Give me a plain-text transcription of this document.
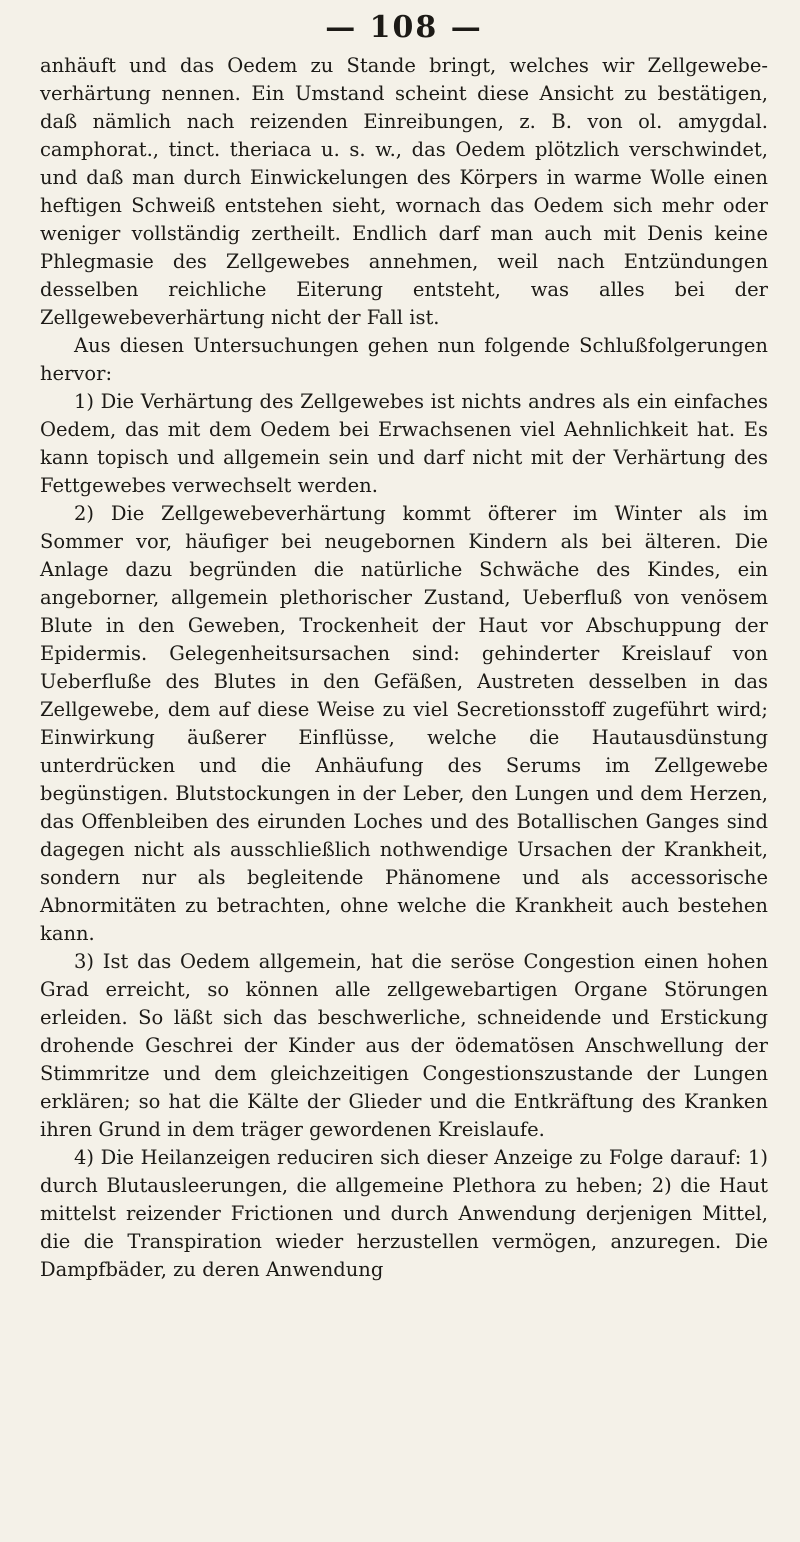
— 108 —

anhäuft und das Oedem zu Stande bringt, welches wir Zellgewebe-verhärtung nennen. Ein Umstand scheint diese Ansicht zu bestätigen, daß nämlich nach reizenden Einreibungen, z. B. von ol. amygdal. camphorat., tinct. theriaca u. s. w., das Oedem plötzlich verschwindet, und daß man durch Einwickelungen des Körpers in warme Wolle einen heftigen Schweiß entstehen sieht, wornach das Oedem sich mehr oder weniger vollständig zertheilt. Endlich darf man auch mit Denis keine Phlegmasie des Zellgewebes annehmen, weil nach Entzündungen desselben reichliche Eiterung entsteht, was alles bei der Zellgewebeverhärtung nicht der Fall ist.

Aus diesen Untersuchungen gehen nun folgende Schlußfolgerungen hervor:

1) Die Verhärtung des Zellgewebes ist nichts andres als ein einfaches Oedem, das mit dem Oedem bei Erwachsenen viel Aehnlichkeit hat. Es kann topisch und allgemein sein und darf nicht mit der Verhärtung des Fettgewebes verwechselt werden.

2) Die Zellgewebeverhärtung kommt öfterer im Winter als im Sommer vor, häufiger bei neugebornen Kindern als bei älteren. Die Anlage dazu begründen die natürliche Schwäche des Kindes, ein angeborner, allgemein plethorischer Zustand, Ueberfluß von venösem Blute in den Geweben, Trockenheit der Haut vor Abschuppung der Epidermis. Gelegenheitsursachen sind: gehinderter Kreislauf von Ueberfluße des Blutes in den Gefäßen, Austreten desselben in das Zellgewebe, dem auf diese Weise zu viel Secretionsstoff zugeführt wird; Einwirkung äußerer Einflüsse, welche die Hautausdünstung unterdrücken und die Anhäufung des Serums im Zellgewebe begünstigen. Blutstockungen in der Leber, den Lungen und dem Herzen, das Offenbleiben des eirunden Loches und des Botallischen Ganges sind dagegen nicht als ausschließlich nothwendige Ursachen der Krankheit, sondern nur als begleitende Phänomene und als accessorische Abnormitäten zu betrachten, ohne welche die Krankheit auch bestehen kann.

3) Ist das Oedem allgemein, hat die seröse Congestion einen hohen Grad erreicht, so können alle zellgewebartigen Organe Störungen erleiden. So läßt sich das beschwerliche, schneidende und Erstickung drohende Geschrei der Kinder aus der ödematösen Anschwellung der Stimmritze und dem gleichzeitigen Congestionszustande der Lungen erklären; so hat die Kälte der Glieder und die Entkräftung des Kranken ihren Grund in dem träger gewordenen Kreislaufe.

4) Die Heilanzeigen reduciren sich dieser Anzeige zu Folge darauf: 1) durch Blutausleerungen, die allgemeine Plethora zu heben; 2) die Haut mittelst reizender Frictionen und durch Anwendung derjenigen Mittel, die die Transpiration wieder herzustellen vermögen, anzuregen. Die Dampfbäder, zu deren Anwendung
